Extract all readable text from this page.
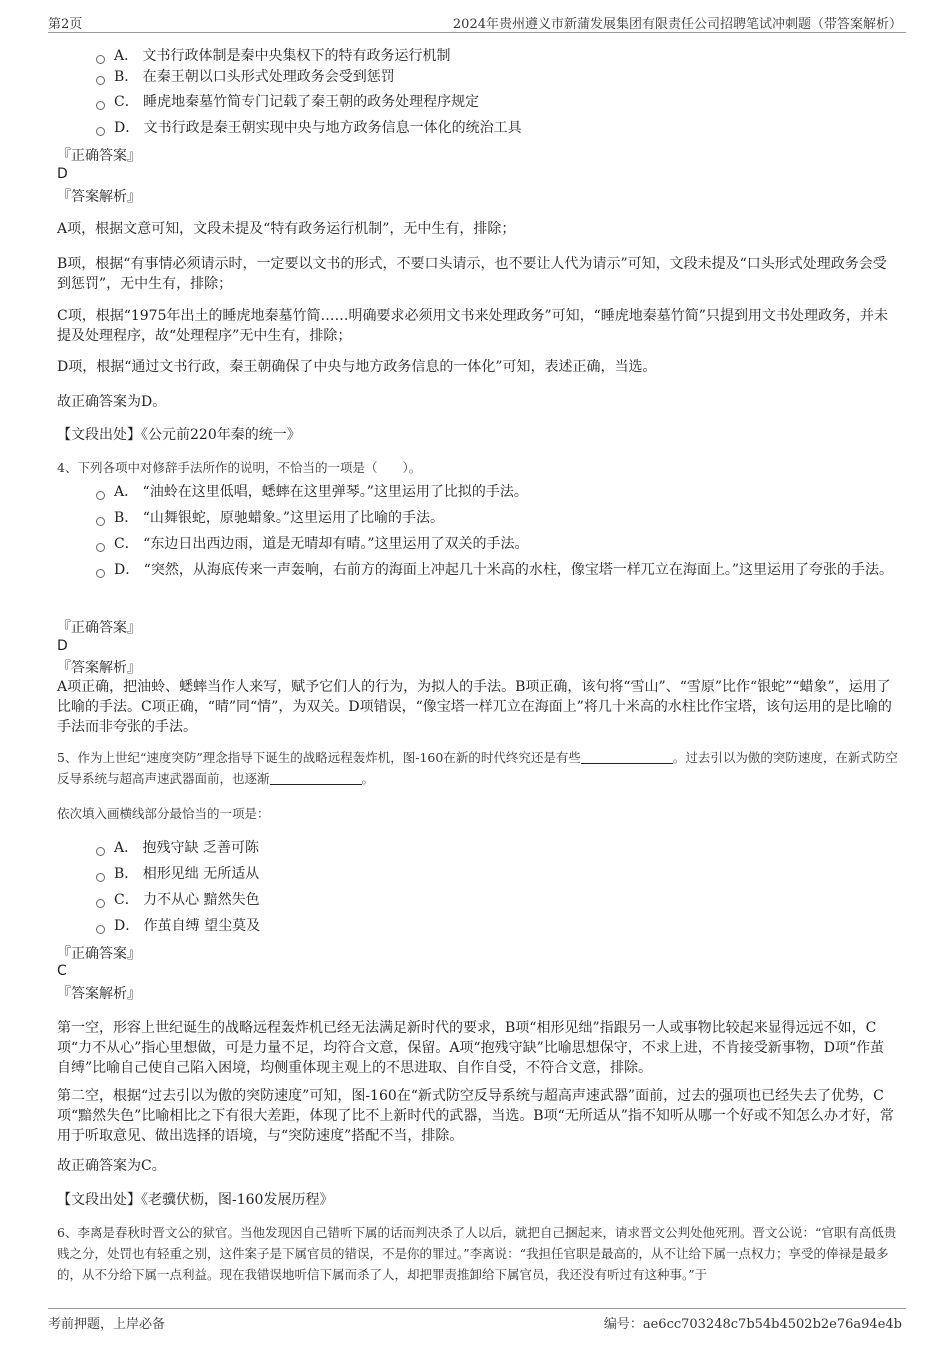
第2页	2024年贵州遵义市新蒲发展集团有限责任公司招聘笔试冲刺题（带答案解析）
A． 文书行政体制是秦中央集权下的特有政务运行机制
B． 在秦王朝以口头形式处理政务会受到惩罚
C． 睡虎地秦墓竹简专门记载了秦王朝的政务处理程序规定
D． 文书行政是秦王朝实现中央与地方政务信息一体化的统治工具
『正确答案』
D
『答案解析』
A项，根据文意可知，文段未提及“特有政务运行机制”，无中生有，排除；
B项，根据“有事情必须请示时，一定要以文书的形式，不要口头请示，也不要让人代为请示”可知，文段未提及“口头形式处理政务会受到惩罚”，无中生有，排除；
C项，根据“1975年出土的睡虎地秦墓竹简……明确要求必须用文书来处理政务”可知，“睡虎地秦墓竹简”只提到用文书处理政务，并未提及处理程序，故“处理程序”无中生有，排除；
D项，根据“通过文书行政，秦王朝确保了中央与地方政务信息的一体化”可知，表述正确，当选。
故正确答案为D。
【文段出处】《公元前220年秦的统一》
4、下列各项中对修辞手法所作的说明，不恰当的一项是（　　）。
A． “油蛉在这里低唱，蟋蟀在这里弹琴。”这里运用了比拟的手法。
B． “山舞银蛇，原驰蜡象。”这里运用了比喻的手法。
C． “东边日出西边雨，道是无晴却有晴。”这里运用了双关的手法。
D． “突然，从海底传来一声轰响，右前方的海面上冲起几十米高的水柱，像宝塔一样兀立在海面上。”这里运用了夸张的手法。
『正确答案』
D
『答案解析』
A项正确，把油蛉、蟋蟀当作人来写，赋予它们人的行为，为拟人的手法。B项正确，该句将“雪山”、“雪原”比作“银蛇”“蜡象”，运用了比喻的手法。C项正确，“晴”同“情”，为双关。D项错误，“像宝塔一样兀立在海面上”将几十米高的水柱比作宝塔，该句运用的是比喻的手法而非夸张的手法。
5、作为上世纪“速度突防”理念指导下诞生的战略远程轰炸机，图-160在新的时代终究还是有些	。过去引以为傲的突防速度，在新式防空反导系统与超高声速武器面前，也逐渐	。
依次填入画横线部分最恰当的一项是：
A． 抱残守缺 乏善可陈
B． 相形见绌 无所适从
C． 力不从心 黯然失色
D． 作茧自缚 望尘莫及
『正确答案』
C
『答案解析』
第一空，形容上世纪诞生的战略远程轰炸机已经无法满足新时代的要求，B项“相形见绌”指跟另一人或事物比较起来显得远远不如，C项“力不从心”指心里想做，可是力量不足，均符合文意，保留。A项“抱残守缺”比喻思想保守，不求上进，不肯接受新事物，D项“作茧自缚”比喻自己使自己陷入困境，均侧重体现主观上的不思进取、自作自受，不符合文意，排除。
第二空，根据“过去引以为傲的突防速度”可知，图-160在“新式防空反导系统与超高声速武器”面前，过去的强项也已经失去了优势，C项“黯然失色”比喻相比之下有很大差距，体现了比不上新时代的武器，当选。B项“无所适从”指不知听从哪一个好或不知怎么办才好，常用于听取意见、做出选择的语境，与“突防速度”搭配不当，排除。
故正确答案为C。
【文段出处】《老骥伏枥，图-160发展历程》
6、李离是春秋时晋文公的狱官。当他发现因自己错听下属的话而判决杀了人以后，就把自己捆起来，请求晋文公判处他死刑。晋文公说：“官职有高低贵贱之分，处罚也有轻重之别，这件案子是下属官员的错误，不是你的罪过。”李离说：“我担任官职是最高的，从不让给下属一点权力；享受的俸禄是最多的，从不分给下属一点利益。现在我错误地听信下属而杀了人，却把罪责推卸给下属官员，我还没有听过有这种事。”于
考前押题，上岸必备	编号：ae6cc703248c7b54b4502b2e76a94e4b
